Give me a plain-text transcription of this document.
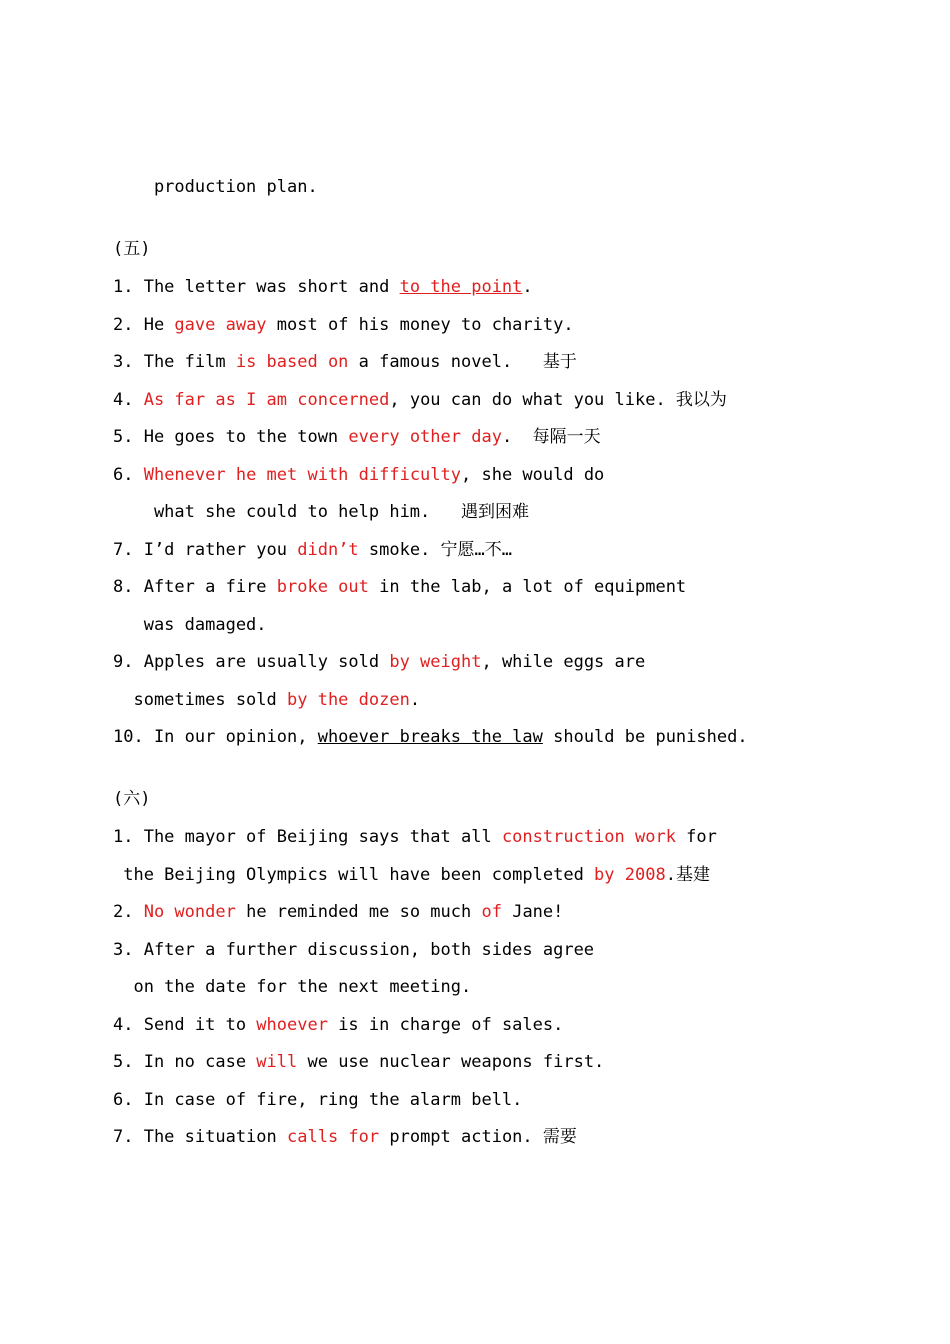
production plan.
(五)
1. The letter was short and to the point.
2. He gave away most of his money to charity.
3. The film is based on a famous novel.   基于
4. As far as I am concerned, you can do what you like. 我以为
5. He goes to the town every other day.  每隔一天
6. Whenever he met with difficulty, she would do
what she could to help him.   遇到困难
7. I’d rather you didn’t smoke. 宁愿…不…
8. After a fire broke out in the lab, a lot of equipment
was damaged.
9. Apples are usually sold by weight, while eggs are
sometimes sold by the dozen.
10. In our opinion, whoever breaks the law should be punished.
(六)
1. The mayor of Beijing says that all construction work for
the Beijing Olympics will have been completed by 2008.基建
2. No wonder he reminded me so much of Jane!
3. After a further discussion, both sides agree
on the date for the next meeting.
4. Send it to whoever is in charge of sales.
5. In no case will we use nuclear weapons first.
6. In case of fire, ring the alarm bell.
7. The situation calls for prompt action. 需要
